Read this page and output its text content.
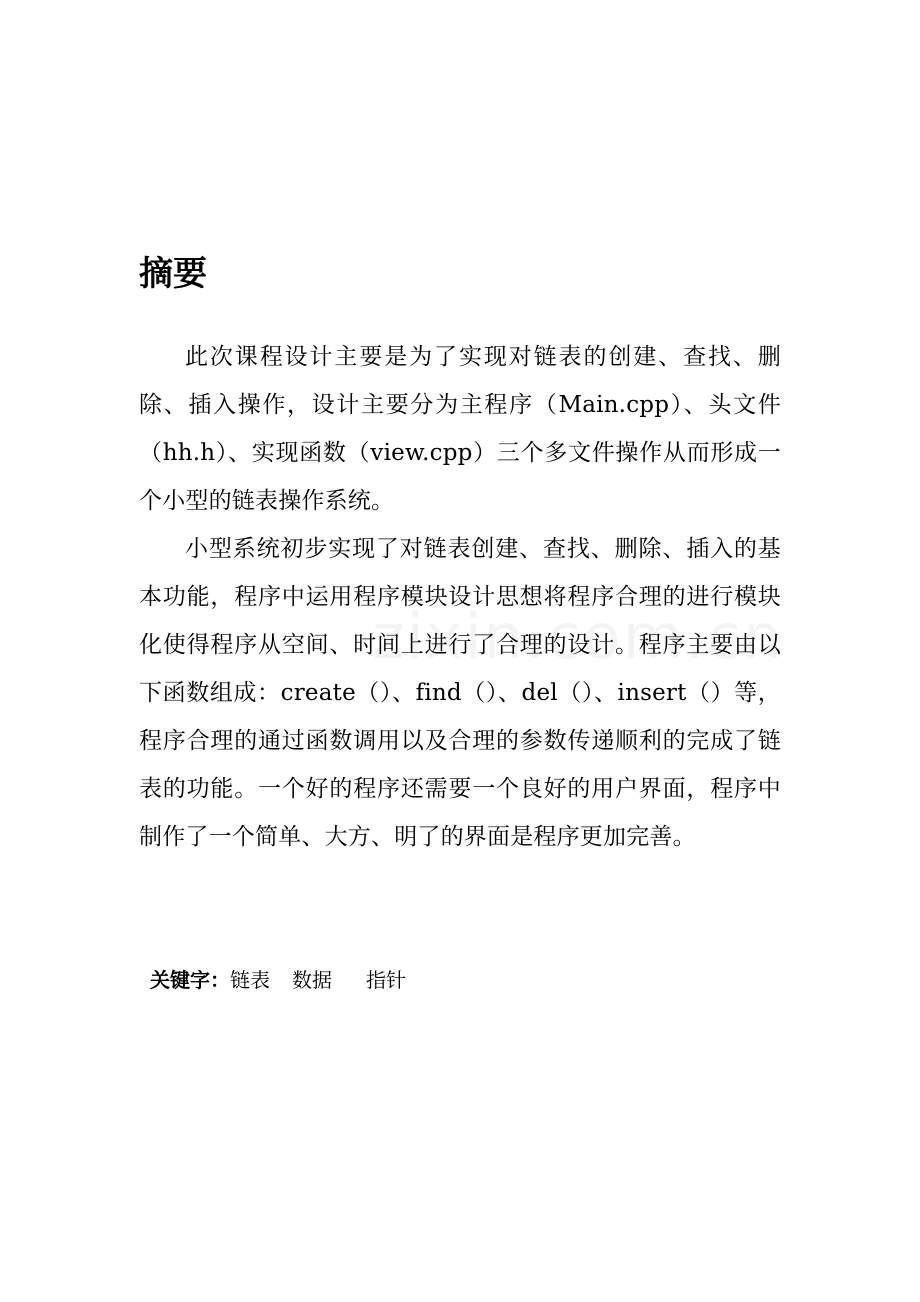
摘要

此次课程设计主要是为了实现对链表的创建、查找、删除、插入操作，设计主要分为主程序（Main.cpp）、头文件（hh.h）、实现函数（view.cpp）三个多文件操作从而形成一个小型的链表操作系统。

小型系统初步实现了对链表创建、查找、删除、插入的基本功能，程序中运用程序模块设计思想将程序合理的进行模块化使得程序从空间、时间上进行了合理的设计。程序主要由以下函数组成：create（）、find（）、del（）、insert（）等，程序合理的通过函数调用以及合理的参数传递顺利的完成了链表的功能。一个好的程序还需要一个良好的用户界面，程序中制作了一个简单、大方、明了的界面是程序更加完善。

关键字：链表 数据 指针
